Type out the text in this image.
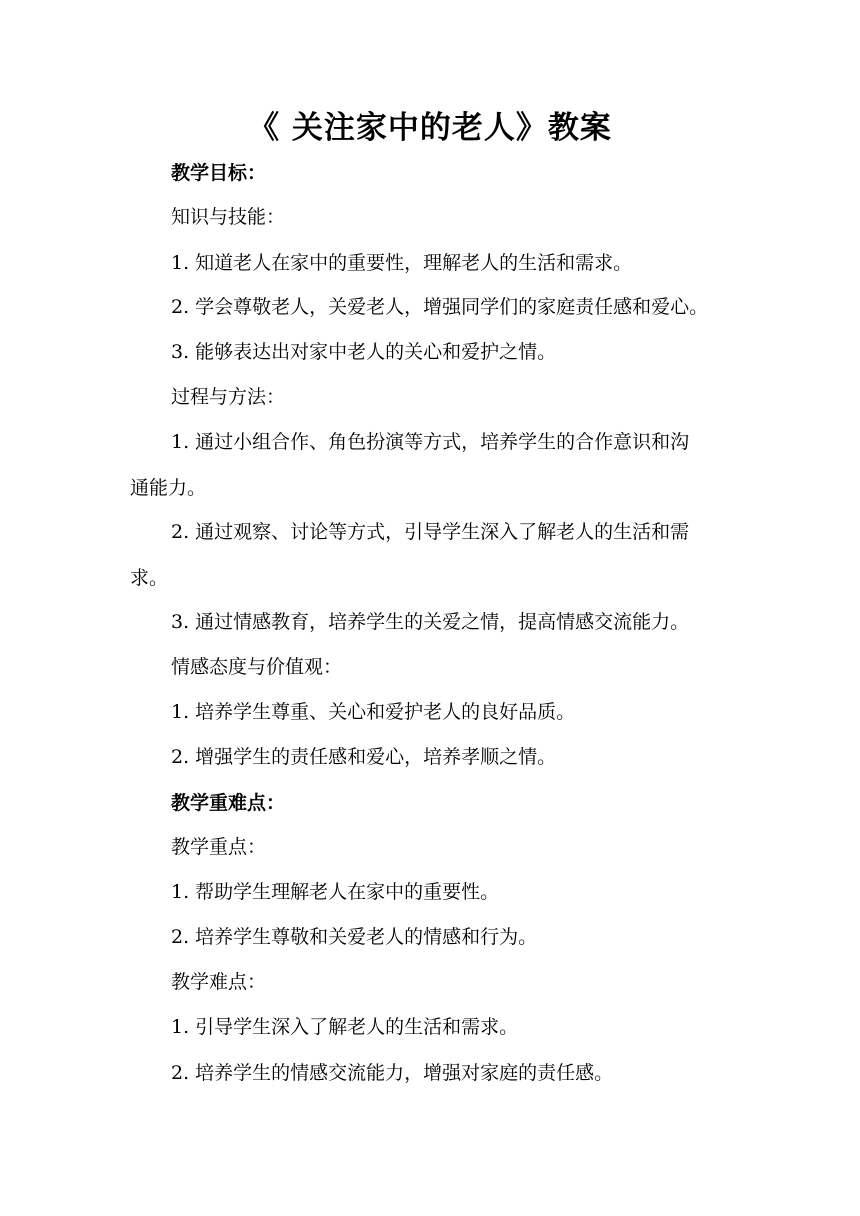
《 关注家中的老人》教案
教学目标：
知识与技能：
1. 知道老人在家中的重要性，理解老人的生活和需求。
2. 学会尊敬老人，关爱老人，增强同学们的家庭责任感和爱心。
3. 能够表达出对家中老人的关心和爱护之情。
过程与方法：
1. 通过小组合作、角色扮演等方式，培养学生的合作意识和沟
通能力。
2. 通过观察、讨论等方式，引导学生深入了解老人的生活和需
求。
3. 通过情感教育，培养学生的关爱之情，提高情感交流能力。
情感态度与价值观：
1. 培养学生尊重、关心和爱护老人的良好品质。
2. 增强学生的责任感和爱心，培养孝顺之情。
教学重难点：
教学重点：
1. 帮助学生理解老人在家中的重要性。
2. 培养学生尊敬和关爱老人的情感和行为。
教学难点：
1. 引导学生深入了解老人的生活和需求。
2. 培养学生的情感交流能力，增强对家庭的责任感。
